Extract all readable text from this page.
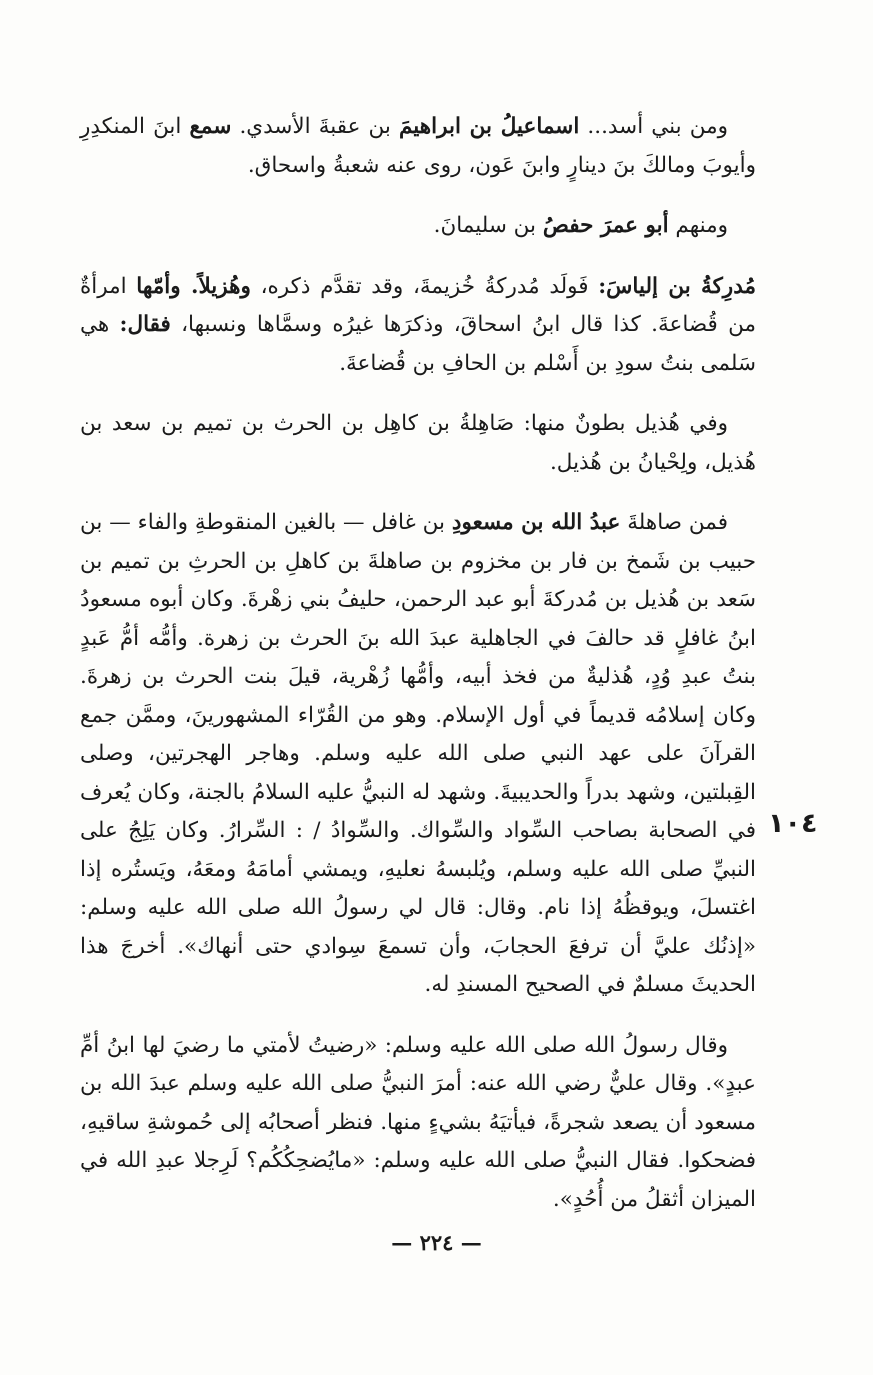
ومن بني أسد... اسماعيلُ بن ابراهيمَ بن عقبةَ الأسدي. سمع ابنَ المنكدِرِ وأيوبَ ومالكَ بنَ دينارٍ وابنَ عَون، روى عنه شعبةُ واسحاق.

ومنهم أبو عمرَ حفصُ بن سليمانَ.

مُدرِكةُ بن إلياسَ: فَولَد مُدركةُ خُزيمةَ، وقد تقدَّم ذكره، وهُزيلاً. وأمّها امرأةٌ من قُضاعةَ. كذا قال ابنُ اسحاقَ، وذكرَها غيرُه وسمَّاها ونسبها، فقال: هي سَلمى بنتُ سودِ بن أَسْلم بن الحافِ بن قُضاعةَ.

وفي هُذيل بطونٌ منها: صَاهِلةُ بن كاهِل بن الحرث بن تميم بن سعد بن هُذيل، ولِحْيانُ بن هُذيل.

فمن صاهلةَ عبدُ الله بن مسعودِ بن غافل — بالغين المنقوطةِ والفاء — بن حبيب بن شَمخ بن فار بن مخزوم بن صاهلةَ بن كاهلِ بن الحرثِ بن تميم بن سَعد بن هُذيل بن مُدركةَ أبو عبد الرحمن، حليفُ بني زهْرةَ. وكان أبوه مسعودُ ابنُ غافلٍ قد حالفَ في الجاهلية عبدَ الله بنَ الحرث بن زهرة. وأمُّه أمُّ عَبدٍ بنتُ عبدِ وُدٍ، هُذليةٌ من فخذ أبيه، وأمُّها زُهْرية، قيلَ بنت الحرث بن زهرةَ. وكان إسلامُه قديماً في أول الإسلام. وهو من القُرّاء المشهورينَ، وممَّن جمع القرآنَ على عهد النبي صلى الله عليه وسلم. وهاجر الهجرتين، وصلى القِبلتين، وشهد بدراً والحديبيةَ. وشهد له النبيُّ عليه السلامُ بالجنة، وكان يُعرف في الصحابة بصاحب السِّواد والسِّواك. والسِّوادُ / : السِّرارُ. وكان يَلِجُ على النبيِّ صلى الله عليه وسلم، ويُلبسهُ نعليهِ، ويمشي أمامَهُ ومعَهُ، ويَستُره إذا اغتسلَ، ويوقظُهُ إذا نام. وقال: قال لي رسولُ الله صلى الله عليه وسلم: «إذنُك عليَّ أن ترفعَ الحجابَ، وأن تسمعَ سِوادي حتى أنهاك». أخرجَ هذا الحديثَ مسلمٌ في الصحيح المسندِ له.

وقال رسولُ الله صلى الله عليه وسلم: «رضيتُ لأمتي ما رضيَ لها ابنُ أمِّ عبدٍ». وقال عليٌّ رضي الله عنه: أمرَ النبيُّ صلى الله عليه وسلم عبدَ الله بن مسعود أن يصعد شجرةً، فيأتيَهُ بشيءٍ منها. فنظر أصحابُه إلى حُموشةِ ساقيهِ، فضحكوا. فقال النبيُّ صلى الله عليه وسلم: «مايُضحِكُكُم؟ لَرِجلا عبدِ الله في الميزان أثقلُ من أُحُدٍ».

١٠٤
— ٢٢٤ —
